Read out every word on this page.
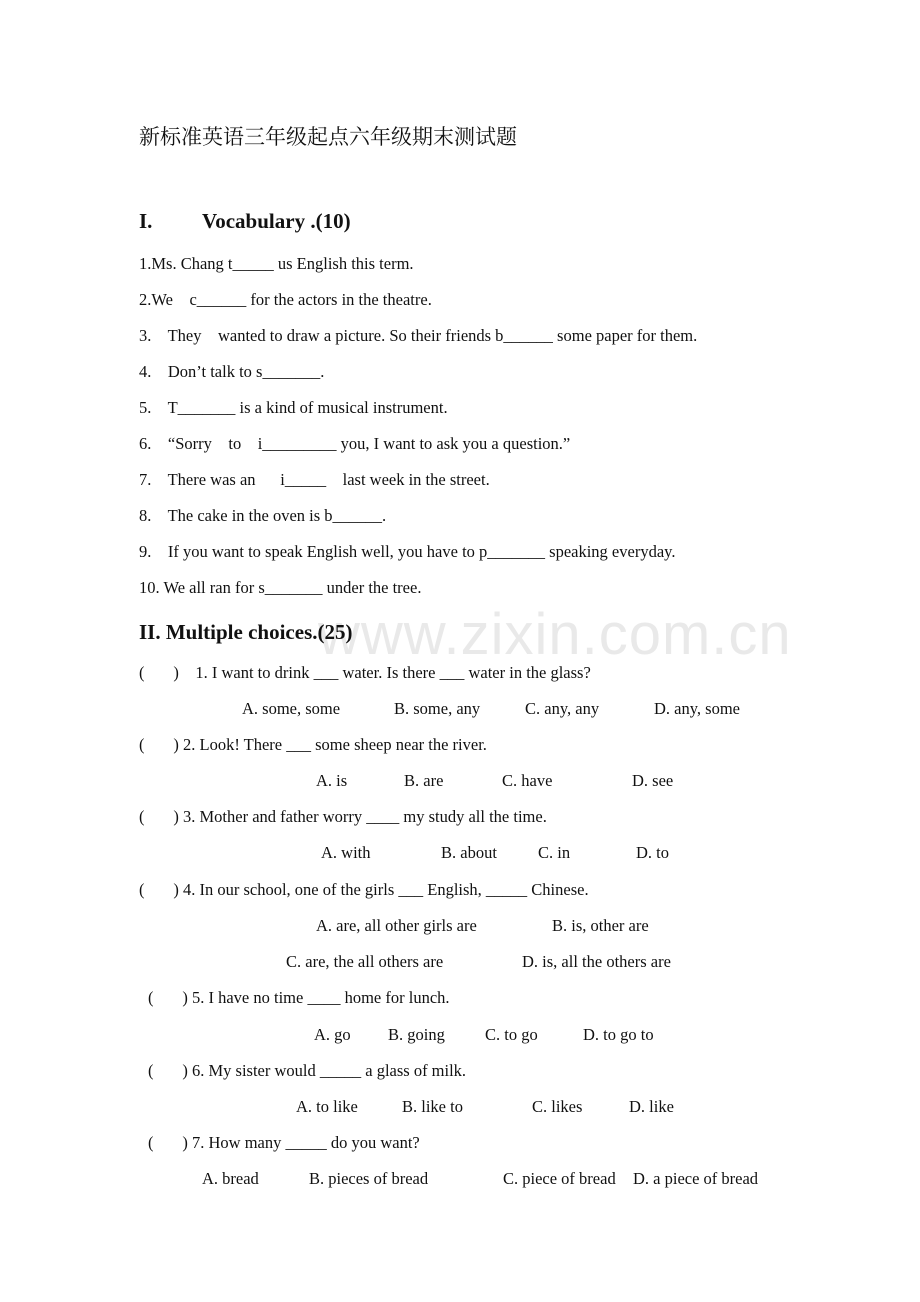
www.zixin.com.cn
新标准英语三年级起点六年级期末测试题
I. Vocabulary .(10)
1.Ms. Chang t_____ us English this term.
2.We    c______ for the actors in the theatre.
3.    They    wanted to draw a picture. So their friends b______ some paper for them.
4.    Don’t talk to s_______.
5.    T_______ is a kind of musical instrument.
6.    “Sorry    to    i_________ you, I want to ask you a question.”
7.    There was an      i_____    last week in the street.
8.    The cake in the oven is b______.
9.    If you want to speak English well, you have to p_______ speaking everyday.
10. We all ran for s_______ under the tree.
II. Multiple choices.(25)
(       )    1. I want to drink ___ water. Is there ___ water in the glass?
A. some, some	B. some, any	C. any, any	D. any, some
(       ) 2. Look! There ___ some sheep near the river.
A. is	B. are	C. have	D. see
(       ) 3. Mother and father worry ____ my study all the time.
A. with	B. about C. in	D. to
(       ) 4. In our school, one of the girls ___ English, _____ Chinese.
A. are, all other girls are	B. is, other are
C. are, the all others are	D. is, all the others are
(       ) 5. I have no time ____ home for lunch.
A. go B. going C. to go	D. to go to
(       ) 6. My sister would _____ a glass of milk.
A. to like	B. like to	C. likes	D. like
(       ) 7. How many _____ do you want?
A. bread	B. pieces of bread	C. piece of bread D. a piece of bread
